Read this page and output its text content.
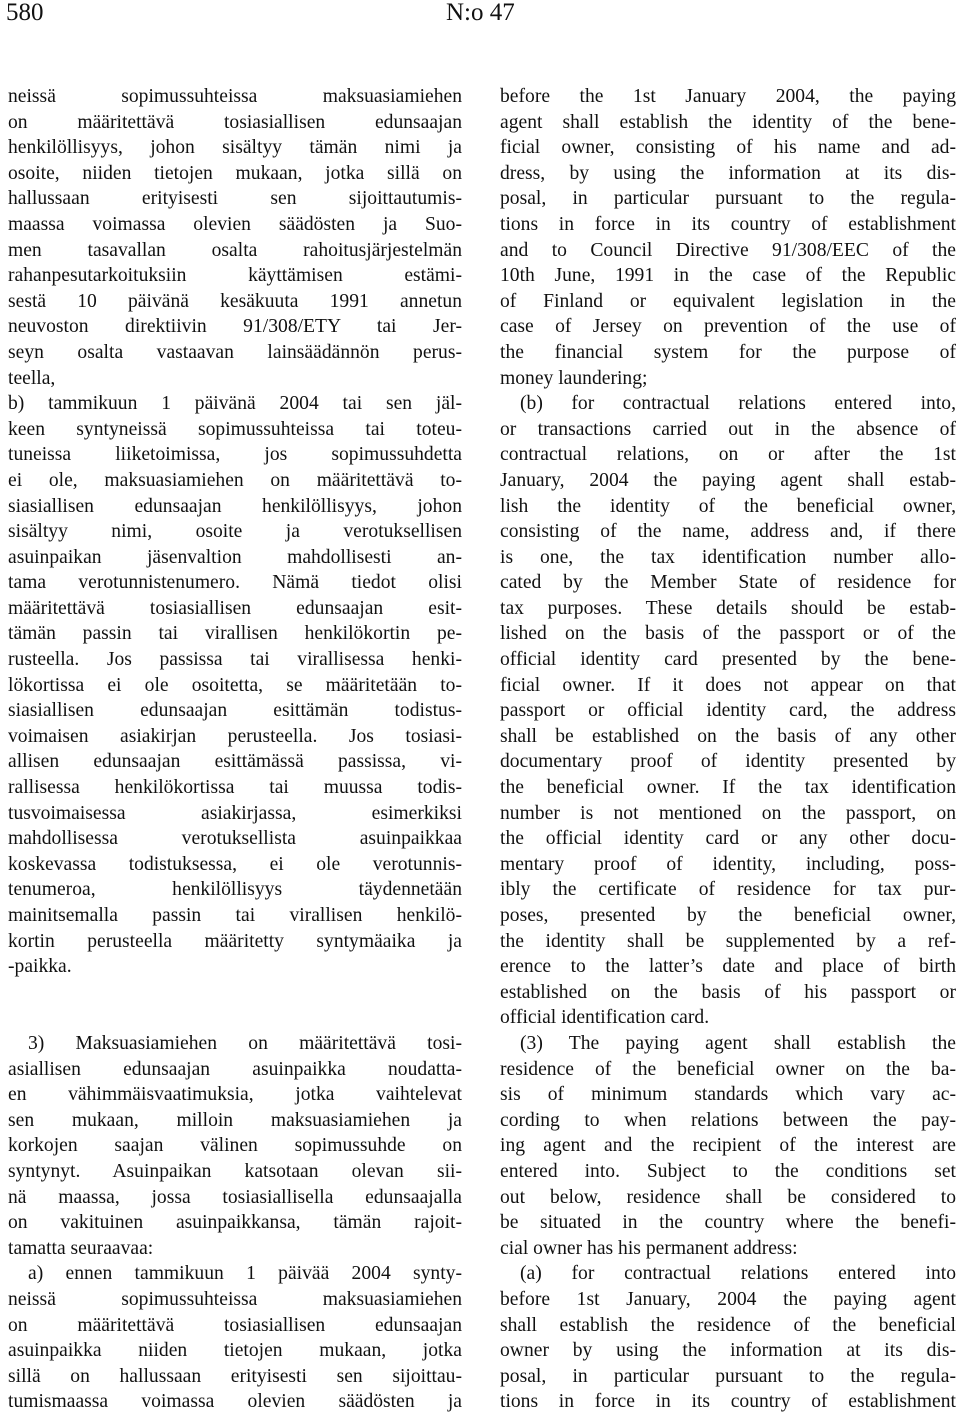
580	N:o 47
neissä sopimussuhteissa maksuasiamiehen
on määritettävä tosiasiallisen edunsaajan
henkilöllisyys, johon sisältyy tämän nimi ja
osoite, niiden tietojen mukaan, jotka sillä on
hallussaan erityisesti sen sijoittautumis-
maassa voimassa olevien säädösten ja Suo-
men tasavallan osalta rahoitusjärjestelmän
rahanpesutarkoituksiin käyttämisen estämi-
sestä 10 päivänä kesäkuuta 1991 annetun
neuvoston direktiivin 91/308/ETY tai Jer-
seyn osalta vastaavan lainsäädännön perus-
teella,
b) tammikuun 1 päivänä 2004 tai sen jäl-
keen syntyneissä sopimussuhteissa tai toteu-
tuneissa liiketoimissa, jos sopimussuhdetta
ei ole, maksuasiamiehen on määritettävä to-
siasiallisen edunsaajan henkilöllisyys, johon
sisältyy nimi, osoite ja verotuksellisen
asuinpaikan jäsenvaltion mahdollisesti an-
tama verotunnistenumero. Nämä tiedot olisi
määritettävä tosiasiallisen edunsaajan esit-
tämän passin tai virallisen henkilökortin pe-
rusteella. Jos passissa tai virallisessa henki-
lökortissa ei ole osoitetta, se määritetään to-
siasiallisen edunsaajan esittämän todistus-
voimaisen asiakirjan perusteella. Jos tosiasi-
allisen edunsaajan esittämässä passissa, vi-
rallisessa henkilökortissa tai muussa todis-
tusvoimaisessa asiakirjassa, esimerkiksi
mahdollisessa verotuksellista asuinpaikkaa
koskevassa todistuksessa, ei ole verotunnis-
tenumeroa, henkilöllisyys täydennetään
mainitsemalla passin tai virallisen henkilö-
kortin perusteella määritetty syntymäaika ja
-paikka.
3) Maksuasiamiehen on määritettävä tosi-
asiallisen edunsaajan asuinpaikka noudatta-
en vähimmäisvaatimuksia, jotka vaihtelevat
sen mukaan, milloin maksuasiamiehen ja
korkojen saajan välinen sopimussuhde on
syntynyt. Asuinpaikan katsotaan olevan sii-
nä maassa, jossa tosiasiallisella edunsaajalla
on vakituinen asuinpaikkansa, tämän rajoit-
tamatta seuraavaa:
a) ennen tammikuun 1 päivää 2004 synty-
neissä sopimussuhteissa maksuasiamiehen
on määritettävä tosiasiallisen edunsaajan
asuinpaikka niiden tietojen mukaan, jotka
sillä on hallussaan erityisesti sen sijoittau-
tumismaassa voimassa olevien säädösten ja
before the 1st January 2004, the paying
agent shall establish the identity of the bene-
ficial owner, consisting of his name and ad-
dress, by using the information at its dis-
posal, in particular pursuant to the regula-
tions in force in its country of establishment
and to Council Directive 91/308/EEC of the
10th June, 1991 in the case of the Republic
of Finland or equivalent legislation in the
case of Jersey on prevention of the use of
the financial system for the purpose of
money laundering;
(b) for contractual relations entered into,
or transactions carried out in the absence of
contractual relations, on or after the 1st
January, 2004 the paying agent shall estab-
lish the identity of the beneficial owner,
consisting of the name, address and, if there
is one, the tax identification number allo-
cated by the Member State of residence for
tax purposes. These details should be estab-
lished on the basis of the passport or of the
official identity card presented by the bene-
ficial owner. If it does not appear on that
passport or official identity card, the address
shall be established on the basis of any other
documentary proof of identity presented by
the beneficial owner. If the tax identification
number is not mentioned on the passport, on
the official identity card or any other docu-
mentary proof of identity, including, poss-
ibly the certificate of residence for tax pur-
poses, presented by the beneficial owner,
the identity shall be supplemented by a ref-
erence to the latter’s date and place of birth
established on the basis of his passport or
official identification card.
(3) The paying agent shall establish the
residence of the beneficial owner on the ba-
sis of minimum standards which vary ac-
cording to when relations between the pay-
ing agent and the recipient of the interest are
entered into. Subject to the conditions set
out below, residence shall be considered to
be situated in the country where the benefi-
cial owner has his permanent address:
(a) for contractual relations entered into
before 1st January, 2004 the paying agent
shall establish the residence of the beneficial
owner by using the information at its dis-
posal, in particular pursuant to the regula-
tions in force in its country of establishment
